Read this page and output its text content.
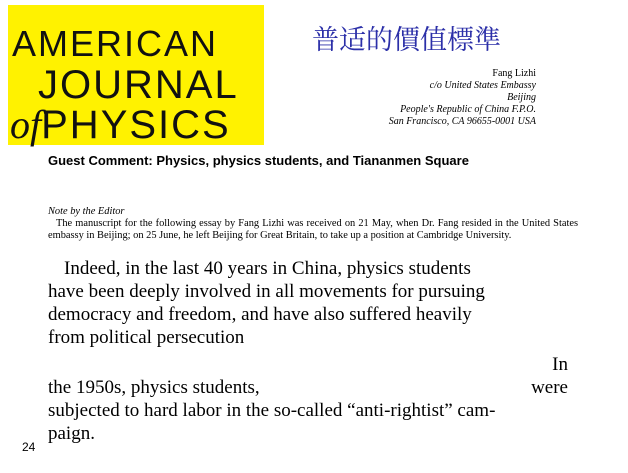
AMERICAN
JOURNAL
ofPHYSICS
普适的價值標準
Fang Lizhi
c/o United States Embassy
Beijing
People's Republic of China F.P.O.
San Francisco, CA 96655-0001 USA
Guest Comment: Physics, physics students, and Tiananmen Square
Note by the Editor

The manuscript for the following essay by Fang Lizhi was received on 21 May, when Dr. Fang resided in the United States embassy in Beijing; on 25 June, he left Beijing for Great Britain, to take up a position at Cambridge University.

Indeed, in the last 40 years in China, physics students
have been deeply involved in all movements for pursuing
democracy and freedom, and have also suffered heavily
from political persecution
In
the 1950s, physics students,	were
subjected to hard labor in the so-called “anti-rightist” cam-
paign.
24
